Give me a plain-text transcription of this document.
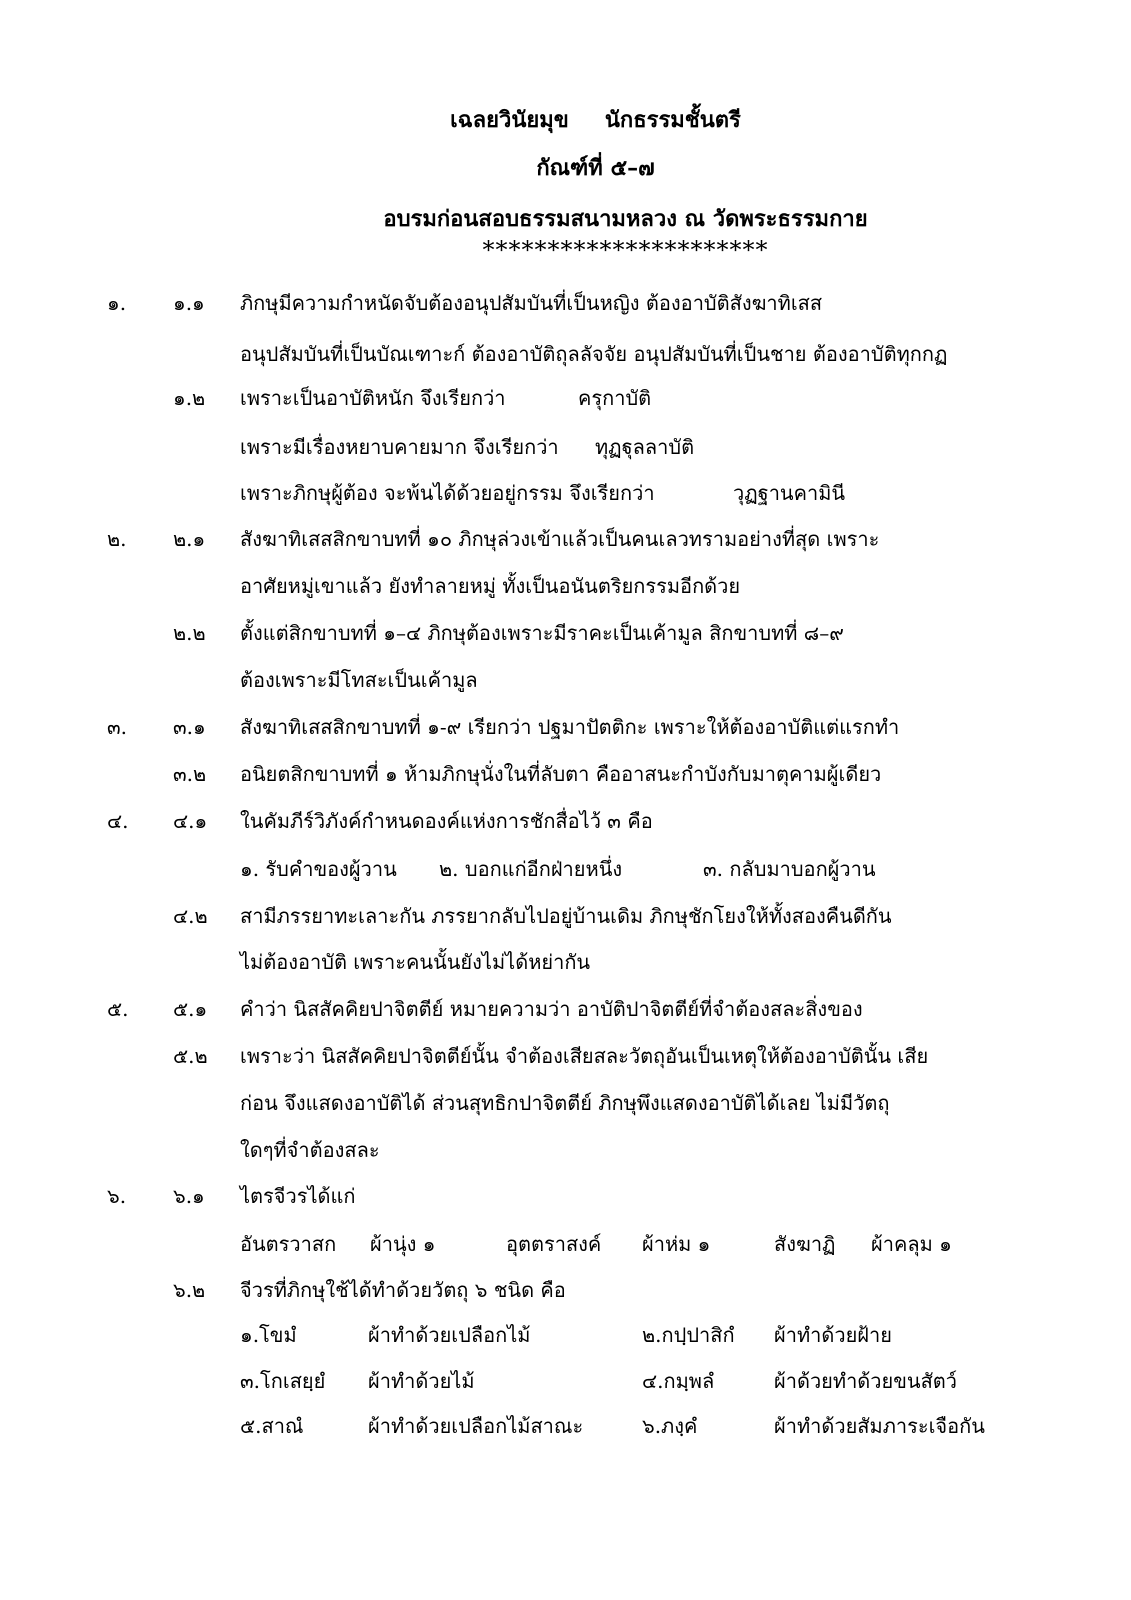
เฉลยวินัยมุข นักธรรมชั้นตรี
กัณฑ์ที่ ๕–๗
อบรมก่อนสอบธรรมสนามหลวง ณ วัดพระธรรมกาย
**********************
๑. ๑.๑ ภิกษุมีความกำหนัดจับต้องอนุปสัมบันที่เป็นหญิง ต้องอาบัติสังฆาทิเสส
อนุปสัมบันที่เป็นบัณเฑาะก์ ต้องอาบัติถุลลัจจัย อนุปสัมบันที่เป็นชาย ต้องอาบัติทุกกฏ
๑.๒ เพราะเป็นอาบัติหนัก จึงเรียกว่า	ครุกาบัติ
เพราะมีเรื่องหยาบคายมาก จึงเรียกว่า ทุฏฐุลลาบัติ
เพราะภิกษุผู้ต้อง จะพ้นได้ด้วยอยู่กรรม จึงเรียกว่า	วุฏฐานคามินี
๒. ๒.๑ สังฆาทิเสสสิกขาบทที่ ๑๐ ภิกษุล่วงเข้าแล้วเป็นคนเลวทรามอย่างที่สุด เพราะ
อาศัยหมู่เขาแล้ว ยังทำลายหมู่ ทั้งเป็นอนันตริยกรรมอีกด้วย
๒.๒ ตั้งแต่สิกขาบทที่ ๑–๔ ภิกษุต้องเพราะมีราคะเป็นเค้ามูล สิกขาบทที่ ๘–๙
ต้องเพราะมีโทสะเป็นเค้ามูล
๓. ๓.๑ สังฆาทิเสสสิกขาบทที่ ๑-๙ เรียกว่า ปฐมาปัตติกะ เพราะให้ต้องอาบัติแต่แรกทำ
๓.๒ อนิยตสิกขาบทที่ ๑ ห้ามภิกษุนั่งในที่ลับตา คืออาสนะกำบังกับมาตุคามผู้เดียว
๔. ๔.๑ ในคัมภีร์วิภังค์กำหนดองค์แห่งการชักสื่อไว้ ๓ คือ
๑. รับคำของผู้วาน ๒. บอกแก่อีกฝ่ายหนึ่ง	๓. กลับมาบอกผู้วาน
๔.๒ สามีภรรยาทะเลาะกัน ภรรยากลับไปอยู่บ้านเดิม ภิกษุชักโยงให้ทั้งสองคืนดีกัน
ไม่ต้องอาบัติ เพราะคนนั้นยังไม่ได้หย่ากัน
๕. ๕.๑ คำว่า นิสสัคคิยปาจิตตีย์ หมายความว่า อาบัติปาจิตตีย์ที่จำต้องสละสิ่งของ
๕.๒ เพราะว่า นิสสัคคิยปาจิตตีย์นั้น จำต้องเสียสละวัตถุอันเป็นเหตุให้ต้องอาบัตินั้น เสีย
ก่อน จึงแสดงอาบัติได้ ส่วนสุทธิกปาจิตตีย์ ภิกษุพึงแสดงอาบัติได้เลย ไม่มีวัตถุ
ใดๆที่จำต้องสละ
๖. ๖.๑ ไตรจีวรได้แก่
อันตรวาสก ผ้านุ่ง ๑	อุตตราสงค์ ผ้าห่ม ๑	สังฆาฏิ ผ้าคลุม ๑
๖.๒ จีวรที่ภิกษุใช้ได้ทำด้วยวัตถุ ๖ ชนิด คือ
๑.โขมํ	ผ้าทำด้วยเปลือกไม้	๒.กปฺปาสิกํ ผ้าทำด้วยฝ้าย
๓.โกเสยฺยํ ผ้าทำด้วยไม้	๔.กมฺพลํ	ผ้าด้วยทำด้วยขนสัตว์
๕.สาณํ	ผ้าทำด้วยเปลือกไม้สาณะ	๖.ภงฺคํ	ผ้าทำด้วยสัมภาระเจือกัน
